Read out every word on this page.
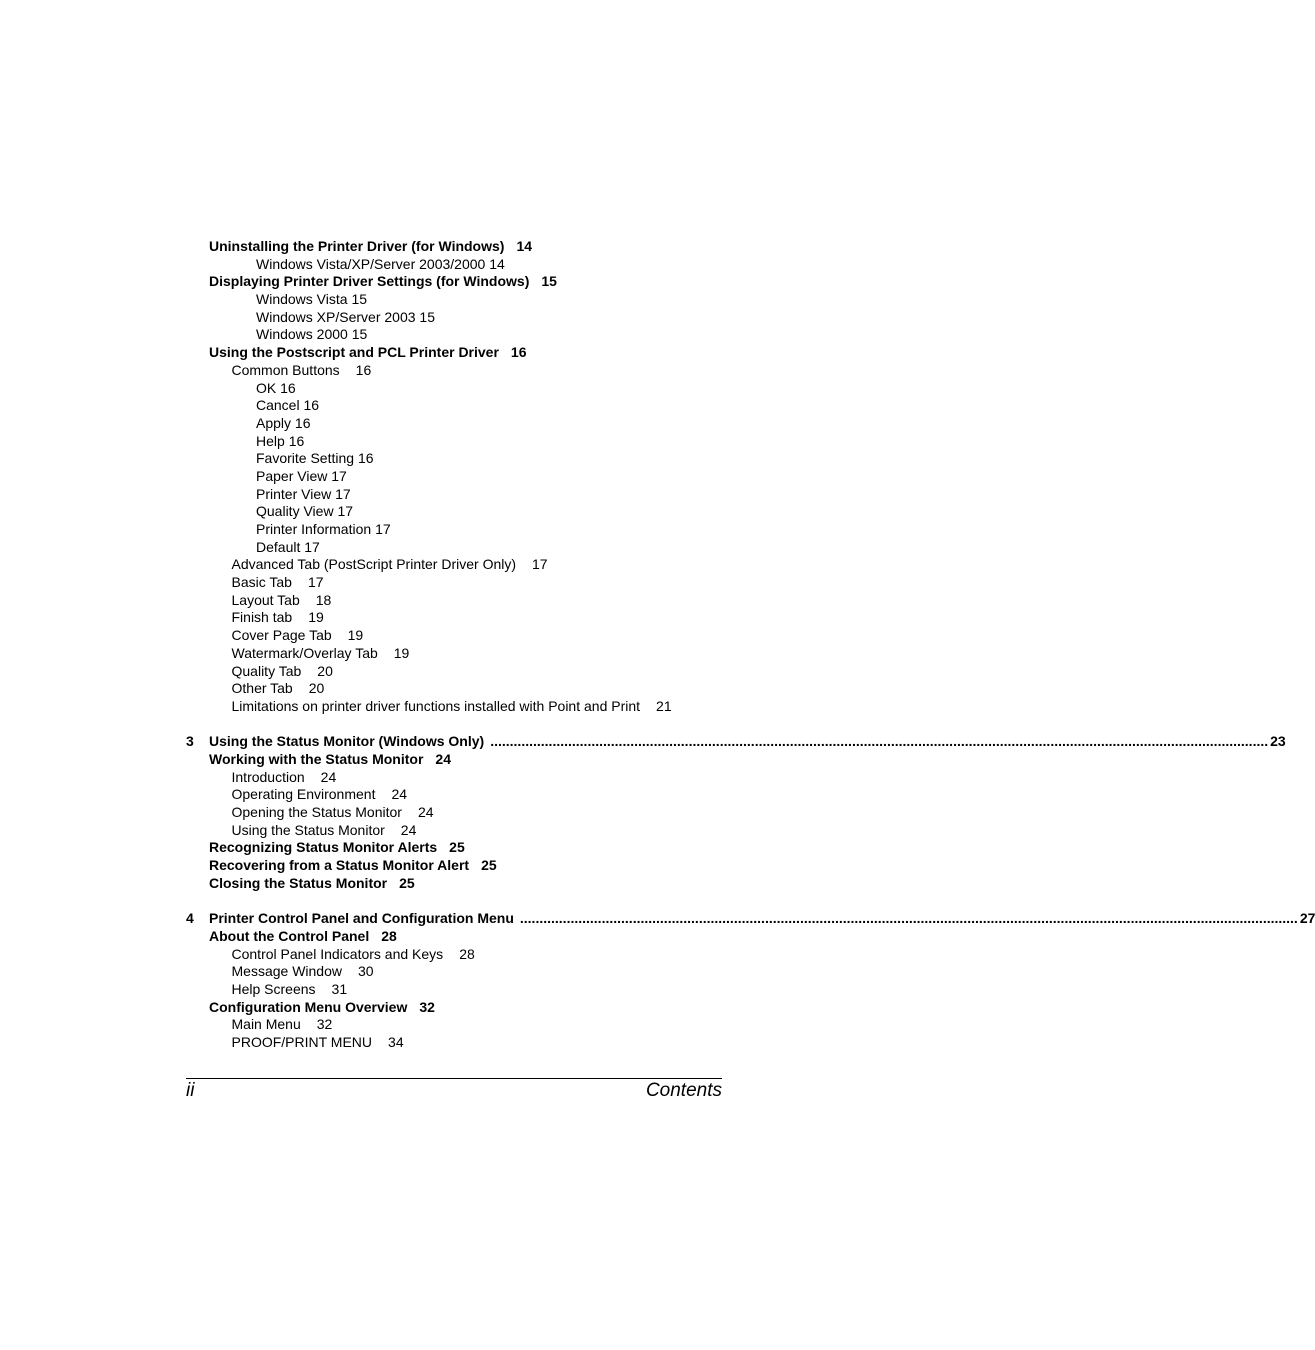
Uninstalling the Printer Driver (for Windows) 14
Windows Vista/XP/Server 2003/2000 14
Displaying Printer Driver Settings (for Windows) 15
Windows Vista 15
Windows XP/Server 2003 15
Windows 2000 15
Using the Postscript and PCL Printer Driver 16
Common Buttons 16
OK 16
Cancel 16
Apply 16
Help 16
Favorite Setting 16
Paper View 17
Printer View 17
Quality View 17
Printer Information 17
Default 17
Advanced Tab (PostScript Printer Driver Only) 17
Basic Tab 17
Layout Tab 18
Finish tab 19
Cover Page Tab 19
Watermark/Overlay Tab 19
Quality Tab 20
Other Tab 20
Limitations on printer driver functions installed with Point and Print 21
3	Using the Status Monitor (Windows Only) ........................................................................................................................................................................................................ 23
Working with the Status Monitor 24
Introduction 24
Operating Environment 24
Opening the Status Monitor 24
Using the Status Monitor 24
Recognizing Status Monitor Alerts 25
Recovering from a Status Monitor Alert 25
Closing the Status Monitor 25
4	Printer Control Panel and Configuration Menu ........................................................................................................................................................................................................ 27
About the Control Panel 28
Control Panel Indicators and Keys 28
Message Window 30
Help Screens 31
Configuration Menu Overview 32
Main Menu 32
PROOF/PRINT MENU 34
ii	Contents
